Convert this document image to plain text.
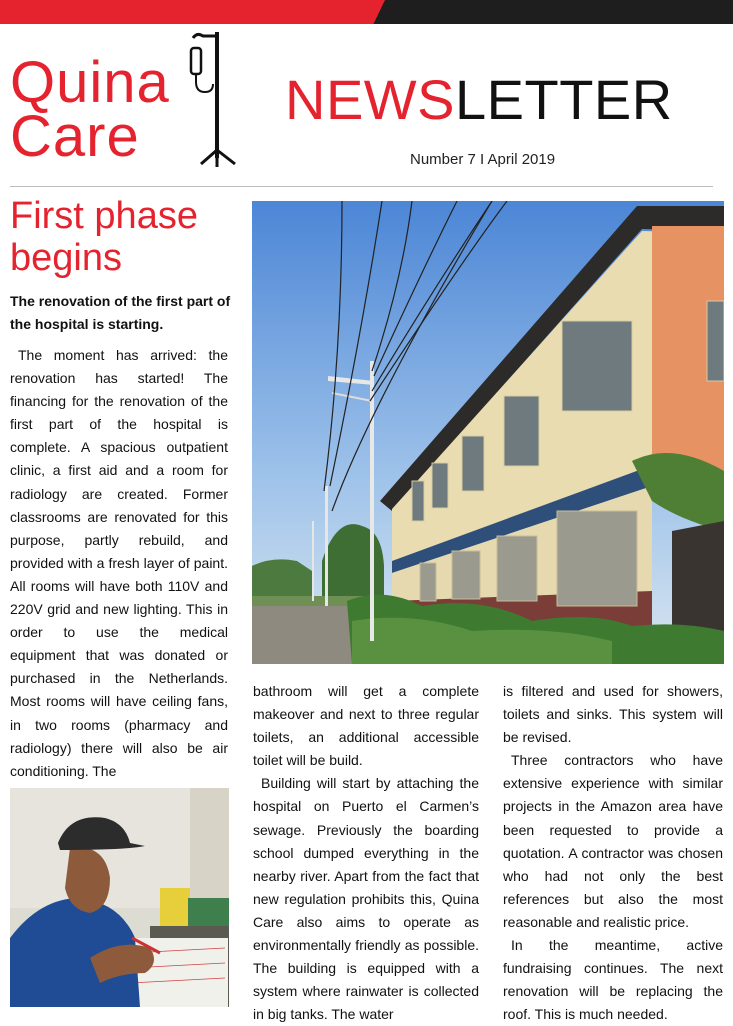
Quina
Care
NEWSLETTER
Number 7 I April 2019
First phase
begins
The renovation of the first part of the hospital is starting.

The moment has arrived: the renovation has started! The financing for the renovation of the first part of the hospital is complete. A spacious outpatient clinic, a first aid and a room for radiology are created. Former classrooms are renovated for this purpose, partly rebuild, and provided with a fresh layer of paint. All rooms will have both 110V and 220V grid and new lighting. This in order to use the medical equipment that was donated or purchased in the Netherlands. Most rooms will have ceiling fans, in two rooms (pharmacy and radiology) there will also be air conditioning. The

bathroom will get a complete makeover and next to three regular toilets, an additional accessible toilet will be build.

Building will start by attaching the hospital on Puerto el Carmen’s sewage. Previously the boarding school dumped everything in the nearby river. Apart from the fact that new regulation prohibits this, Quina Care also aims to operate as environmentally friendly as possible. The building is equipped with a system where rainwater is collected in big tanks. The water

is filtered and used for showers, toilets and sinks. This system will be revised.

Three contractors who have extensive experience with similar projects in the Amazon area have been requested to provide a quotation. A contractor was chosen who had not only the best references but also the most reasonable and realistic price.

In the meantime, active fundraising continues. The next renovation will be replacing the roof. This is much needed.
